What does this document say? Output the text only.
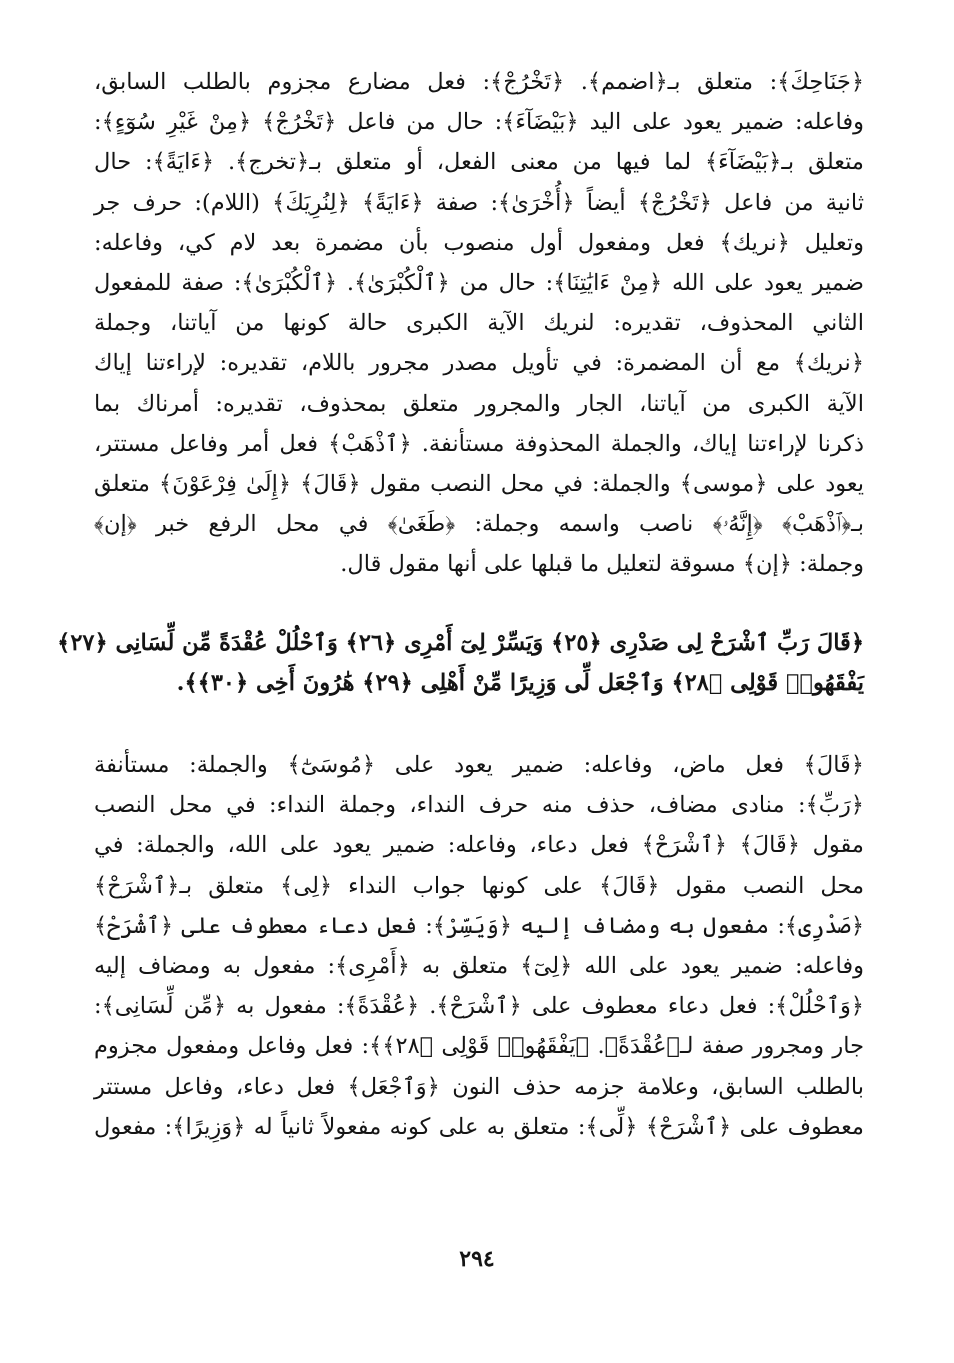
﴿جَنَاحِكَ﴾: متعلق بـ﴿اضمم﴾. ﴿تَخْرُجْ﴾: فعل مضارع مجزوم بالطلب السابق،
وفاعله: ضمير يعود على اليد ﴿بَيْضَآءَ﴾: حال من فاعل ﴿تَخْرُجْ﴾ ﴿مِنْ غَيْرِ سُوٓءٍ﴾:
متعلق بـ﴿بَيْضَآءَ﴾ لما فيها من معنى الفعل، أو متعلق بـ﴿تخرج﴾. ﴿ءَايَةً﴾: حال
ثانية من فاعل ﴿تَخْرُجْ﴾ أيضاً ﴿أُخْرَىٰ﴾: صفة ﴿ءَايَةً﴾ ﴿لِنُرِيَكَ﴾ (اللام): حرف جر
وتعليل ﴿نريك﴾ فعل ومفعول أول منصوب بأن مضمرة بعد لام كي، وفاعله:
ضمير يعود على الله ﴿مِنْ ءَايَٰتِنَا﴾: حال من ﴿ٱلْكُبْرَىٰ﴾. ﴿ٱلْكُبْرَىٰ﴾: صفة للمفعول
الثاني المحذوف، تقديره: لنريك الآية الكبرى حالة كونها من آياتنا، وجملة
﴿نريك﴾ مع أن المضمرة: في تأويل مصدر مجرور باللام، تقديره: لإراءتنا إياك
الآية الكبرى من آياتنا، الجار والمجرور متعلق بمحذوف، تقديره: أمرناك بما
ذكرنا لإراءتنا إياك، والجملة المحذوفة مستأنفة. ﴿ٱذْهَبْ﴾ فعل أمر وفاعل مستتر،
يعود على ﴿موسى﴾ والجملة: في محل النصب مقول ﴿قَالَ﴾ ﴿إِلَىٰ فِرْعَوْنَ﴾ متعلق
بـ﴿ٱذْهَبْ﴾ ﴿إِنَّهُۥ﴾ ناصب واسمه وجملة: ﴿طَغَىٰ﴾ في محل الرفع خبر ﴿إن﴾
وجملة: ﴿إن﴾ مسوقة لتعليل ما قبلها على أنها مقول قال.
﴿قَالَ رَبِّ ٱشْرَحْ لِى صَدْرِى ﴿٢٥﴾ وَيَسِّرْ لِىٓ أَمْرِى ﴿٢٦﴾ وَٱحْلُلْ عُقْدَةً مِّن لِّسَانِى ﴿٢٧﴾
يَفْقَهُوا۟ قَوْلِى ﴿٢٨﴾ وَٱجْعَل لِّى وَزِيرًا مِّنْ أَهْلِى ﴿٢٩﴾ هَٰرُونَ أَخِى ﴿٣٠﴾﴾.
﴿قَالَ﴾ فعل ماض، وفاعله: ضمير يعود على ﴿مُوسَىٰٓ﴾ والجملة: مستأنفة
﴿رَبِّ﴾: منادى مضاف، حذف منه حرف النداء، وجملة النداء: في محل النصب
مقول ﴿قَالَ﴾ ﴿ٱشْرَحْ﴾ فعل دعاء، وفاعله: ضمير يعود على الله، والجملة: في
محل النصب مقول ﴿قَالَ﴾ على كونها جواب النداء ﴿لِى﴾ متعلق بـ﴿ٱشْرَحْ﴾
﴿صَدْرِى﴾: مفعول به ومضاف إليه ﴿وَيَسِّرْ﴾: فعل دعاء معطوف على ﴿ٱشْرَحْ﴾
وفاعله: ضمير يعود على الله ﴿لِىٓ﴾ متعلق به ﴿أَمْرِى﴾: مفعول به ومضاف إليه
﴿وَٱحْلُلْ﴾: فعل دعاء معطوف على ﴿ٱشْرَحْ﴾. ﴿عُقْدَةً﴾: مفعول به ﴿مِّن لِّسَانِى﴾:
جار ومجرور صفة لـ﴿عُقْدَةً﴾. ﴿يَفْقَهُوا۟ قَوْلِى ﴿٢٨﴾﴾: فعل وفاعل ومفعول مجزوم
بالطلب السابق، وعلامة جزمه حذف النون ﴿وَٱجْعَل﴾ فعل دعاء، وفاعل مستتر
معطوف على ﴿ٱشْرَحْ﴾ ﴿لِّى﴾: متعلق به على كونه مفعولاً ثانياً له ﴿وَزِيرًا﴾: مفعول
٢٩٤
